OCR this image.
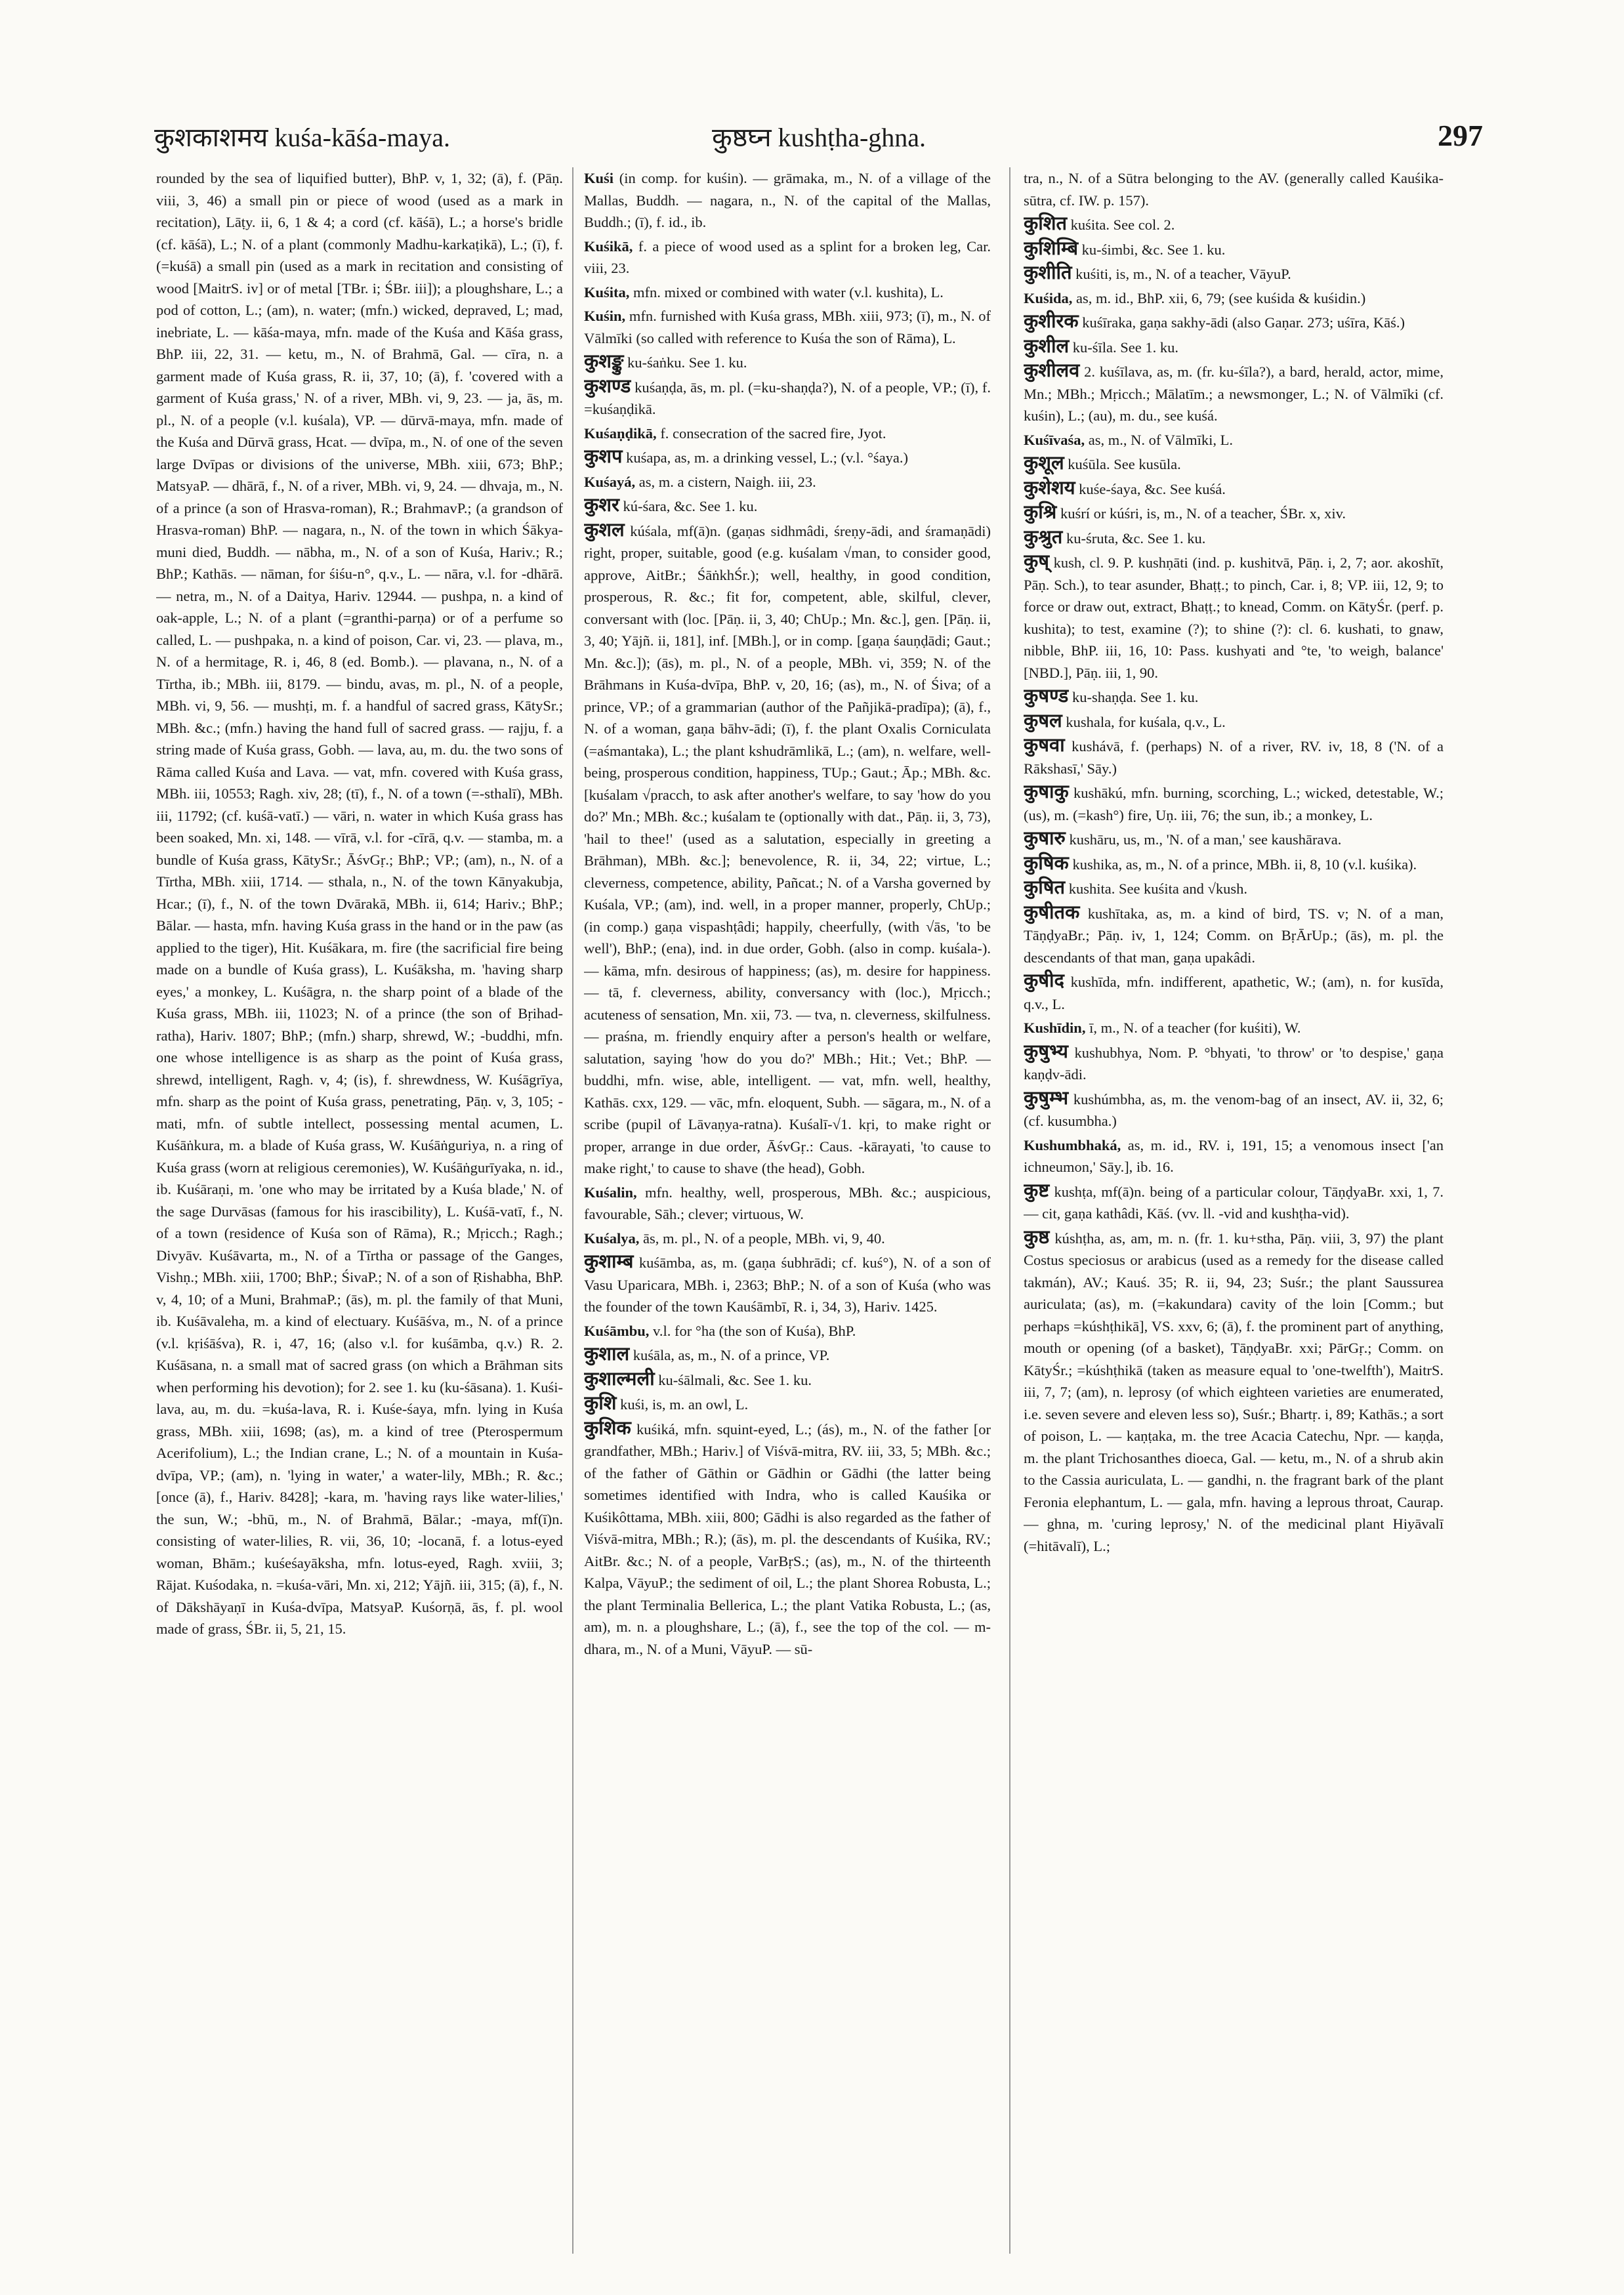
कुशकाशमय kuśa-kāśa-maya.	कुष्ठघ्न kushṭha-ghna.	297

rounded by the sea of liquified butter), BhP. v, 1, 32; (ā), f. (Pāṇ. viii, 3, 46) a small pin or piece of wood (used as a mark in recitation), Lāṭy. ii, 6, 1 & 4; a cord (cf. kāśā), L.; a horse's bridle (cf. kāśā), L.; N. of a plant (commonly Madhu-karkaṭikā), L.; (ī), f. (=kuśā) a small pin (used as a mark in recitation and consisting of wood [MaitrS. iv] or of metal [TBr. i; ŚBr. iii]); a ploughshare, L.; a pod of cotton, L.; (am), n. water; (mfn.) wicked, depraved, L; mad, inebriate, L. — kāśa-maya, mfn. made of the Kuśa and Kāśa grass, BhP. iii, 22, 31. — ketu, m., N. of Brahmā, Gal. — cīra, n. a garment made of Kuśa grass, R. ii, 37, 10; (ā), f. 'covered with a garment of Kuśa grass,' N. of a river, MBh. vi, 9, 23. — ja, ās, m. pl., N. of a people (v.l. kuśala), VP. — dūrvā-maya, mfn. made of the Kuśa and Dūrvā grass, Hcat. — dvīpa, m., N. of one of the seven large Dvīpas or divisions of the universe, MBh. xiii, 673; BhP.; MatsyaP. — dhārā, f., N. of a river, MBh. vi, 9, 24. — dhvaja, m., N. of a prince (a son of Hrasva-roman), R.; BrahmavP.; (a grandson of Hrasva-roman) BhP. — nagara, n., N. of the town in which Śākya-muni died, Buddh. — nābha, m., N. of a son of Kuśa, Hariv.; R.; BhP.; Kathās. — nāman, for śiśu-n°, q.v., L. — nāra, v.l. for -dhārā. — netra, m., N. of a Daitya, Hariv. 12944. — pushpa, n. a kind of oak-apple, L.; N. of a plant (=granthi-parṇa) or of a perfume so called, L. — pushpaka, n. a kind of poison, Car. vi, 23. — plava, m., N. of a hermitage, R. i, 46, 8 (ed. Bomb.). — plavana, n., N. of a Tīrtha, ib.; MBh. iii, 8179. — bindu, avas, m. pl., N. of a people, MBh. vi, 9, 56. — mushṭi, m. f. a handful of sacred grass, KātySr.; MBh. &c.; (mfn.) having the hand full of sacred grass. — rajju, f. a string made of Kuśa grass, Gobh. — lava, au, m. du. the two sons of Rāma called Kuśa and Lava. — vat, mfn. covered with Kuśa grass, MBh. iii, 10553; Ragh. xiv, 28; (tī), f., N. of a town (=-sthalī), MBh. iii, 11792; (cf. kuśā-vatī.) — vāri, n. water in which Kuśa grass has been soaked, Mn. xi, 148. — vīrā, v.l. for -cīrā, q.v. — stamba, m. a bundle of Kuśa grass, KātySr.; ĀśvGṛ.; BhP.; VP.; (am), n., N. of a Tīrtha, MBh. xiii, 1714. — sthala, n., N. of the town Kānyakubja, Hcar.; (ī), f., N. of the town Dvārakā, MBh. ii, 614; Hariv.; BhP.; Bālar. — hasta, mfn. having Kuśa grass in the hand or in the paw (as applied to the tiger), Hit. Kuśākara, m. fire (the sacrificial fire being made on a bundle of Kuśa grass), L. Kuśāksha, m. 'having sharp eyes,' a monkey, L. Kuśāgra, n. the sharp point of a blade of the Kuśa grass, MBh. iii, 11023; N. of a prince (the son of Bṛihad-ratha), Hariv. 1807; BhP.; (mfn.) sharp, shrewd, W.; -buddhi, mfn. one whose intelligence is as sharp as the point of Kuśa grass, shrewd, intelligent, Ragh. v, 4; (is), f. shrewdness, W. Kuśāgrīya, mfn. sharp as the point of Kuśa grass, penetrating, Pāṇ. v, 3, 105; -mati, mfn. of subtle intellect, possessing mental acumen, L. Kuśāṅkura, m. a blade of Kuśa grass, W. Kuśāṅguriya, n. a ring of Kuśa grass (worn at religious ceremonies), W. Kuśāṅgurīyaka, n. id., ib. Kuśāraṇi, m. 'one who may be irritated by a Kuśa blade,' N. of the sage Durvāsas (famous for his irascibility), L. Kuśā-vatī, f., N. of a town (residence of Kuśa son of Rāma), R.; Mṛicch.; Ragh.; Divyāv. Kuśāvarta, m., N. of a Tīrtha or passage of the Ganges, Vishṇ.; MBh. xiii, 1700; BhP.; ŚivaP.; N. of a son of Ṛishabha, BhP. v, 4, 10; of a Muni, BrahmaP.; (ās), m. pl. the family of that Muni, ib. Kuśāvaleha, m. a kind of electuary. Kuśāśva, m., N. of a prince (v.l. kṛiśāśva), R. i, 47, 16; (also v.l. for kuśāmba, q.v.) R. 2. Kuśāsana, n. a small mat of sacred grass (on which a Brāhman sits when performing his devotion); for 2. see 1. ku (ku-śāsana). 1. Kuśi-lava, au, m. du. =kuśa-lava, R. i. Kuśe-śaya, mfn. lying in Kuśa grass, MBh. xiii, 1698; (as), m. a kind of tree (Pterospermum Acerifolium), L.; the Indian crane, L.; N. of a mountain in Kuśa-dvīpa, VP.; (am), n. 'lying in water,' a water-lily, MBh.; R. &c.; [once (ā), f., Hariv. 8428]; -kara, m. 'having rays like water-lilies,' the sun, W.; -bhū, m., N. of Brahmā, Bālar.; -maya, mf(ī)n. consisting of water-lilies, R. vii, 36, 10; -locanā, f. a lotus-eyed woman, Bhām.; kuśeśayāksha, mfn. lotus-eyed, Ragh. xviii, 3; Rājat. Kuśodaka, n. =kuśa-vāri, Mn. xi, 212; Yājñ. iii, 315; (ā), f., N. of Dākshāyaṇī in Kuśa-dvīpa, MatsyaP. Kuśorṇā, ās, f. pl. wool made of grass, ŚBr. ii, 5, 21, 15.

Kuśi (in comp. for kuśin). — grāmaka, m., N. of a village of the Mallas, Buddh. — nagara, n., N. of the capital of the Mallas, Buddh.; (ī), f. id., ib.

Kuśikā, f. a piece of wood used as a splint for a broken leg, Car. viii, 23.

Kuśita, mfn. mixed or combined with water (v.l. kushita), L.

Kuśin, mfn. furnished with Kuśa grass, MBh. xiii, 973; (ī), m., N. of Vālmīki (so called with reference to Kuśa the son of Rāma), L.

कुशङ्कु ku-śaṅku. See 1. ku.

कुशण्ड kuśaṇḍa, ās, m. pl. (=ku-shaṇḍa?), N. of a people, VP.; (ī), f. =kuśaṇḍikā.

Kuśaṇḍikā, f. consecration of the sacred fire, Jyot.

कुशप kuśapa, as, m. a drinking vessel, L.; (v.l. °śaya.)

Kuśayá, as, m. a cistern, Naigh. iii, 23.

कुशर kú-śara, &c. See 1. ku.

कुशल kúśala, mf(ā)n. (gaṇas sidhmâdi, śreṇy-ādi, and śramaṇādi) right, proper, suitable, good (e.g. kuśalam √man, to consider good, approve, AitBr.; ŚāṅkhŚr.); well, healthy, in good condition, prosperous, R. &c.; fit for, competent, able, skilful, clever, conversant with (loc. [Pāṇ. ii, 3, 40; ChUp.; Mn. &c.], gen. [Pāṇ. ii, 3, 40; Yājñ. ii, 181], inf. [MBh.], or in comp. [gaṇa śauṇḍādi; Gaut.; Mn. &c.]); (ās), m. pl., N. of a people, MBh. vi, 359; N. of the Brāhmans in Kuśa-dvīpa, BhP. v, 20, 16; (as), m., N. of Śiva; of a prince, VP.; of a grammarian (author of the Pañjikā-pradīpa); (ā), f., N. of a woman, gaṇa bāhv-ādi; (ī), f. the plant Oxalis Corniculata (=aśmantaka), L.; the plant kshudrāmlikā, L.; (am), n. welfare, well-being, prosperous condition, happiness, TUp.; Gaut.; Āp.; MBh. &c. [kuśalam √pracch, to ask after another's welfare, to say 'how do you do?' Mn.; MBh. &c.; kuśalam te (optionally with dat., Pāṇ. ii, 3, 73), 'hail to thee!' (used as a salutation, especially in greeting a Brāhman), MBh. &c.]; benevolence, R. ii, 34, 22; virtue, L.; cleverness, competence, ability, Pañcat.; N. of a Varsha governed by Kuśala, VP.; (am), ind. well, in a proper manner, properly, ChUp.; (in comp.) gaṇa vispashṭâdi; happily, cheerfully, (with √ās, 'to be well'), BhP.; (ena), ind. in due order, Gobh. (also in comp. kuśala-). — kāma, mfn. desirous of happiness; (as), m. desire for happiness. — tā, f. cleverness, ability, conversancy with (loc.), Mṛicch.; acuteness of sensation, Mn. xii, 73. — tva, n. cleverness, skilfulness. — praśna, m. friendly enquiry after a person's health or welfare, salutation, saying 'how do you do?' MBh.; Hit.; Vet.; BhP. — buddhi, mfn. wise, able, intelligent. — vat, mfn. well, healthy, Kathās. cxx, 129. — vāc, mfn. eloquent, Subh. — sāgara, m., N. of a scribe (pupil of Lāvaṇya-ratna). Kuśalī-√1. kṛi, to make right or proper, arrange in due order, ĀśvGṛ.: Caus. -kārayati, 'to cause to make right,' to cause to shave (the head), Gobh.

Kuśalin, mfn. healthy, well, prosperous, MBh. &c.; auspicious, favourable, Sāh.; clever; virtuous, W.

Kuśalya, ās, m. pl., N. of a people, MBh. vi, 9, 40.

कुशाम्ब kuśāmba, as, m. (gaṇa śubhrādi; cf. kuś°), N. of a son of Vasu Uparicara, MBh. i, 2363; BhP.; N. of a son of Kuśa (who was the founder of the town Kauśāmbī, R. i, 34, 3), Hariv. 1425.

Kuśāmbu, v.l. for °ha (the son of Kuśa), BhP.

कुशाल kuśāla, as, m., N. of a prince, VP.

कुशाल्मली ku-śālmali, &c. See 1. ku.

कुशि kuśi, is, m. an owl, L.

कुशिक kuśiká, mfn. squint-eyed, L.; (ás), m., N. of the father [or grandfather, MBh.; Hariv.] of Viśvā-mitra, RV. iii, 33, 5; MBh. &c.; of the father of Gāthin or Gādhin or Gādhi (the latter being sometimes identified with Indra, who is called Kauśika or Kuśikôttama, MBh. xiii, 800; Gādhi is also regarded as the father of Viśvā-mitra, MBh.; R.); (ās), m. pl. the descendants of Kuśika, RV.; AitBr. &c.; N. of a people, VarBṛS.; (as), m., N. of the thirteenth Kalpa, VāyuP.; the sediment of oil, L.; the plant Shorea Robusta, L.; the plant Terminalia Bellerica, L.; the plant Vatika Robusta, L.; (as, am), m. n. a ploughshare, L.; (ā), f., see the top of the col. — m-dhara, m., N. of a Muni, VāyuP. — sū-

tra, n., N. of a Sūtra belonging to the AV. (generally called Kauśika-sūtra, cf. IW. p. 157).

कुशित kuśita. See col. 2.

कुशिम्बि ku-śimbi, &c. See 1. ku.

कुशीति kuśiti, is, m., N. of a teacher, VāyuP.

Kuśida, as, m. id., BhP. xii, 6, 79; (see kuśida & kuśidin.)

कुशीरक kuśīraka, gaṇa sakhy-ādi (also Gaṇar. 273; uśīra, Kāś.)

कुशील ku-śīla. See 1. ku.

कुशीलव 2. kuśīlava, as, m. (fr. ku-śīla?), a bard, herald, actor, mime, Mn.; MBh.; Mṛicch.; Mālatīm.; a newsmonger, L.; N. of Vālmīki (cf. kuśin), L.; (au), m. du., see kuśá.

Kuśīvaśa, as, m., N. of Vālmīki, L.

कुशूल kuśūla. See kusūla.

कुशेशय kuśe-śaya, &c. See kuśá.

कुश्रि kuśrí or kúśri, is, m., N. of a teacher, ŚBr. x, xiv.

कुश्रुत ku-śruta, &c. See 1. ku.

कुष् kush, cl. 9. P. kushṇāti (ind. p. kushitvā, Pāṇ. i, 2, 7; aor. akoshīt, Pāṇ. Sch.), to tear asunder, Bhaṭṭ.; to pinch, Car. i, 8; VP. iii, 12, 9; to force or draw out, extract, Bhaṭṭ.; to knead, Comm. on KātyŚr. (perf. p. kushita); to test, examine (?); to shine (?): cl. 6. kushati, to gnaw, nibble, BhP. iii, 16, 10: Pass. kushyati and °te, 'to weigh, balance' [NBD.], Pāṇ. iii, 1, 90.

कुषण्ड ku-shaṇḍa. See 1. ku.

कुषल kushala, for kuśala, q.v., L.

कुषवा kushávā, f. (perhaps) N. of a river, RV. iv, 18, 8 ('N. of a Rākshasī,' Sāy.)

कुषाकु kushākú, mfn. burning, scorching, L.; wicked, detestable, W.; (us), m. (=kash°) fire, Uṇ. iii, 76; the sun, ib.; a monkey, L.

कुषारु kushāru, us, m., 'N. of a man,' see kaushārava.

कुषिक kushika, as, m., N. of a prince, MBh. ii, 8, 10 (v.l. kuśika).

कुषित kushita. See kuśita and √kush.

कुषीतक kushītaka, as, m. a kind of bird, TS. v; N. of a man, TāṇḍyaBr.; Pāṇ. iv, 1, 124; Comm. on BṛĀrUp.; (ās), m. pl. the descendants of that man, gaṇa upakâdi.

कुषीद kushīda, mfn. indifferent, apathetic, W.; (am), n. for kusīda, q.v., L.

Kushīdin, ī, m., N. of a teacher (for kuśiti), W.

कुषुभ्य kushubhya, Nom. P. °bhyati, 'to throw' or 'to despise,' gaṇa kaṇḍv-ādi.

कुषुम्भ kushúmbha, as, m. the venom-bag of an insect, AV. ii, 32, 6; (cf. kusumbha.)

Kushumbhaká, as, m. id., RV. i, 191, 15; a venomous insect ['an ichneumon,' Sāy.], ib. 16.

कुष्ट kushṭa, mf(ā)n. being of a particular colour, TāṇḍyaBr. xxi, 1, 7. — cit, gaṇa kathâdi, Kāś. (vv. ll. -vid and kushṭha-vid).

कुष्ठ kúshṭha, as, am, m. n. (fr. 1. ku+stha, Pāṇ. viii, 3, 97) the plant Costus speciosus or arabicus (used as a remedy for the disease called takmán), AV.; Kauś. 35; R. ii, 94, 23; Suśr.; the plant Saussurea auriculata; (as), m. (=kakundara) cavity of the loin [Comm.; but perhaps =kúshṭhikā], VS. xxv, 6; (ā), f. the prominent part of anything, mouth or opening (of a basket), TāṇḍyaBr. xxi; PārGṛ.; Comm. on KātyŚr.; =kúshṭhikā (taken as measure equal to 'one-twelfth'), MaitrS. iii, 7, 7; (am), n. leprosy (of which eighteen varieties are enumerated, i.e. seven severe and eleven less so), Suśr.; Bhartṛ. i, 89; Kathās.; a sort of poison, L. — kaṇṭaka, m. the tree Acacia Catechu, Npr. — kaṇḍa, m. the plant Trichosanthes dioeca, Gal. — ketu, m., N. of a shrub akin to the Cassia auriculata, L. — gandhi, n. the fragrant bark of the plant Feronia elephantum, L. — gala, mfn. having a leprous throat, Caurap. — ghna, m. 'curing leprosy,' N. of the medicinal plant Hiyāvalī (=hitāvalī), L.;
